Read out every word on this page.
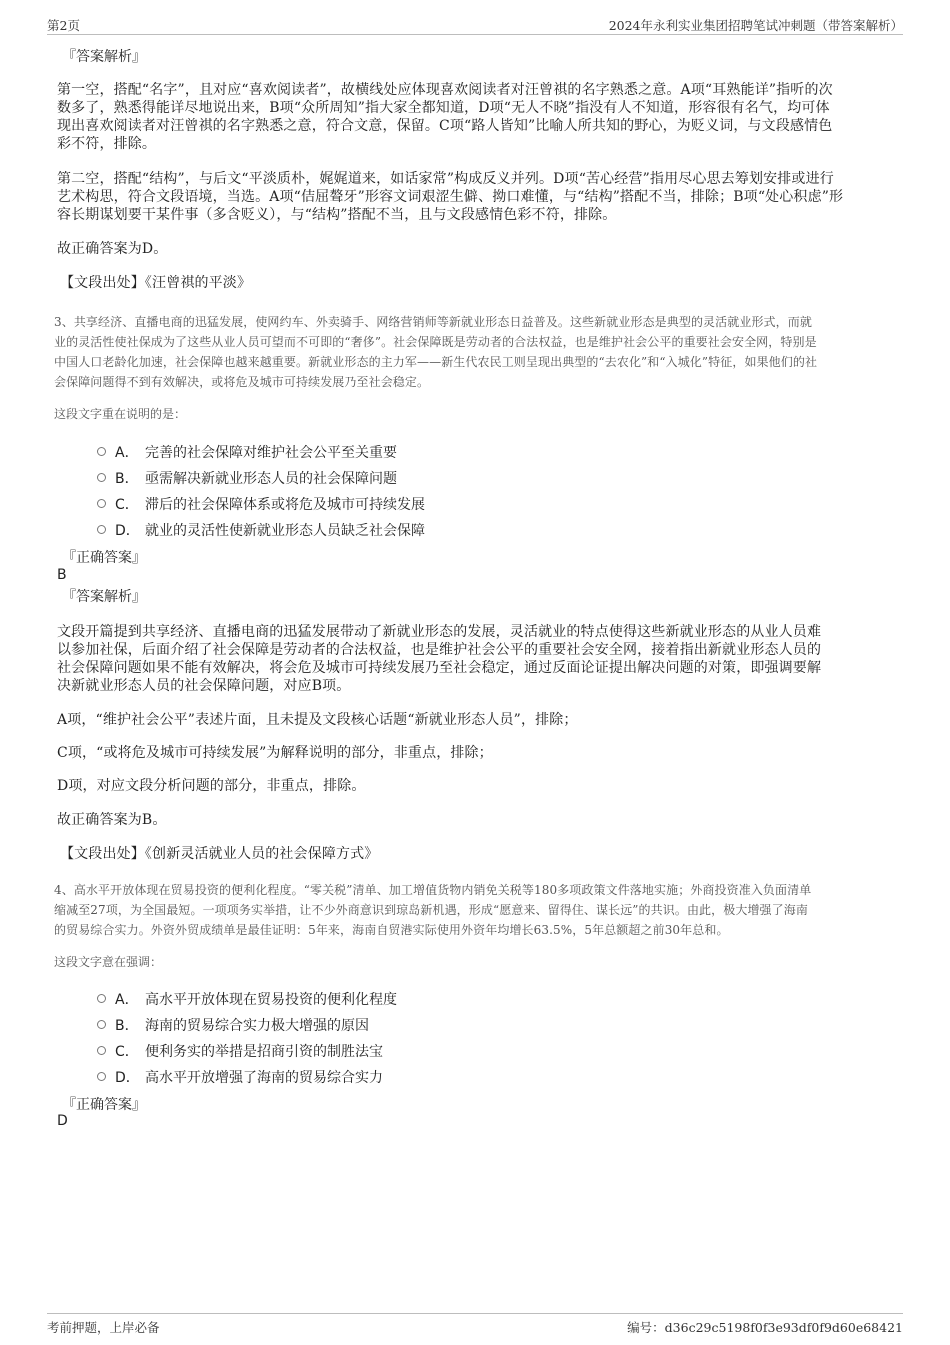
第2页	2024年永利实业集团招聘笔试冲刺题（带答案解析）
『答案解析』
第一空，搭配“名字”，且对应“喜欢阅读者”，故横线处应体现喜欢阅读者对汪曾祺的名字熟悉之意。A项“耳熟能详”指听的次
数多了，熟悉得能详尽地说出来，B项“众所周知”指大家全都知道，D项“无人不晓”指没有人不知道，形容很有名气，均可体
现出喜欢阅读者对汪曾祺的名字熟悉之意，符合文意，保留。C项“路人皆知”比喻人所共知的野心，为贬义词，与文段感情色
彩不符，排除。
第二空，搭配“结构”，与后文“平淡质朴，娓娓道来，如话家常”构成反义并列。D项“苦心经营”指用尽心思去筹划安排或进行
艺术构思，符合文段语境，当选。A项“佶屈聱牙”形容文词艰涩生僻、拗口难懂，与“结构”搭配不当，排除；B项“处心积虑”形
容长期谋划要干某件事（多含贬义），与“结构”搭配不当，且与文段感情色彩不符，排除。
故正确答案为D。
【文段出处】《汪曾祺的平淡》
3、共享经济、直播电商的迅猛发展，使网约车、外卖骑手、网络营销师等新就业形态日益普及。这些新就业形态是典型的灵活就业形式，而就
业的灵活性使社保成为了这些从业人员可望而不可即的“奢侈”。社会保障既是劳动者的合法权益，也是维护社会公平的重要社会安全网，特别是
中国人口老龄化加速，社会保障也越来越重要。新就业形态的主力军——新生代农民工则呈现出典型的“去农化”和“入城化”特征，如果他们的社
会保障问题得不到有效解决，或将危及城市可持续发展乃至社会稳定。
这段文字重在说明的是：
A． 完善的社会保障对维护社会公平至关重要
B． 亟需解决新就业形态人员的社会保障问题
C． 滞后的社会保障体系或将危及城市可持续发展
D． 就业的灵活性使新就业形态人员缺乏社会保障
『正确答案』
B
『答案解析』
文段开篇提到共享经济、直播电商的迅猛发展带动了新就业形态的发展，灵活就业的特点使得这些新就业形态的从业人员难
以参加社保，后面介绍了社会保障是劳动者的合法权益，也是维护社会公平的重要社会安全网，接着指出新就业形态人员的
社会保障问题如果不能有效解决，将会危及城市可持续发展乃至社会稳定，通过反面论证提出解决问题的对策，即强调要解
决新就业形态人员的社会保障问题，对应B项。
A项，“维护社会公平”表述片面，且未提及文段核心话题“新就业形态人员”，排除；
C项，“或将危及城市可持续发展”为解释说明的部分，非重点，排除；
D项，对应文段分析问题的部分，非重点，排除。
故正确答案为B。
【文段出处】《创新灵活就业人员的社会保障方式》
4、高水平开放体现在贸易投资的便利化程度。“零关税”清单、加工增值货物内销免关税等180多项政策文件落地实施；外商投资准入负面清单
缩减至27项，为全国最短。一项项务实举措，让不少外商意识到琼岛新机遇，形成“愿意来、留得住、谋长远”的共识。由此，极大增强了海南
的贸易综合实力。外资外贸成绩单是最佳证明：5年来，海南自贸港实际使用外资年均增长63.5%，5年总额超之前30年总和。
这段文字意在强调：
A． 高水平开放体现在贸易投资的便利化程度
B． 海南的贸易综合实力极大增强的原因
C． 便利务实的举措是招商引资的制胜法宝
D． 高水平开放增强了海南的贸易综合实力
『正确答案』
D
考前押题，上岸必备	编号：d36c29c5198f0f3e93df0f9d60e68421
